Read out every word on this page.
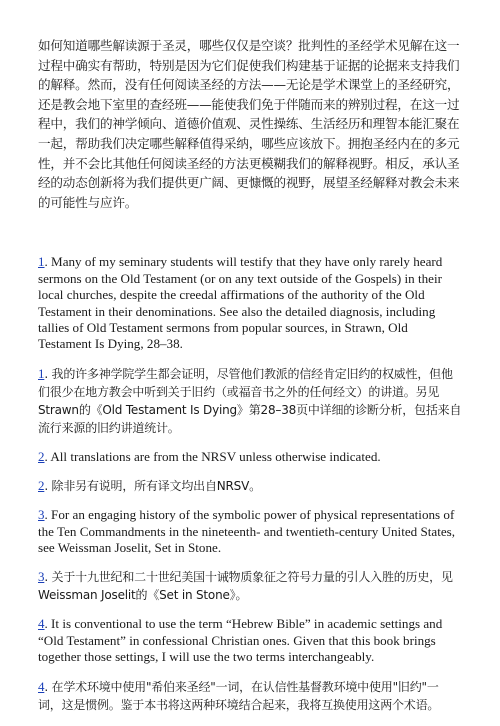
如何知道哪些解读源于圣灵，哪些仅仅是空谈？批判性的圣经学术见解在这一过程中确实有帮助，特别是因为它们促使我们构建基于证据的论据来支持我们的解释。然而，没有任何阅读圣经的方法——无论是学术课堂上的圣经研究，还是教会地下室里的查经班——能使我们免于伴随而来的辨别过程，在这一过程中，我们的神学倾向、道德价值观、灵性操练、生活经历和理智本能汇聚在一起，帮助我们决定哪些解释值得采纳，哪些应该放下。拥抱圣经内在的多元性，并不会比其他任何阅读圣经的方法更模糊我们的解释视野。相反，承认圣经的动态创新将为我们提供更广阔、更慷慨的视野，展望圣经解释对教会未来的可能性与应许。

1. Many of my seminary students will testify that they have only rarely heard sermons on the Old Testament (or on any text outside of the Gospels) in their local churches, despite the creedal affirmations of the authority of the Old Testament in their denominations. See also the detailed diagnosis, including tallies of Old Testament sermons from popular sources, in Strawn, Old Testament Is Dying, 28–38.

1. 我的许多神学院学生都会证明，尽管他们教派的信经肯定旧约的权威性，但他们很少在地方教会中听到关于旧约（或福音书之外的任何经文）的讲道。另见Strawn的《Old Testament Is Dying》第28–38页中详细的诊断分析，包括来自流行来源的旧约讲道统计。

2. All translations are from the NRSV unless otherwise indicated.

2. 除非另有说明，所有译文均出自NRSV。

3. For an engaging history of the symbolic power of physical representations of the Ten Commandments in the nineteenth- and twentieth-century United States, see Weissman Joselit, Set in Stone.

3. 关于十九世纪和二十世纪美国十诫物质象征之符号力量的引人入胜的历史，见Weissman Joselit的《Set in Stone》。

4. It is conventional to use the term “Hebrew Bible” in academic settings and “Old Testament” in confessional Christian ones. Given that this book brings together those settings, I will use the two terms interchangeably.

4. 在学术环境中使用"希伯来圣经"一词，在认信性基督教环境中使用"旧约"一词，这是惯例。鉴于本书将这两种环境结合起来，我将互换使用这两个术语。
